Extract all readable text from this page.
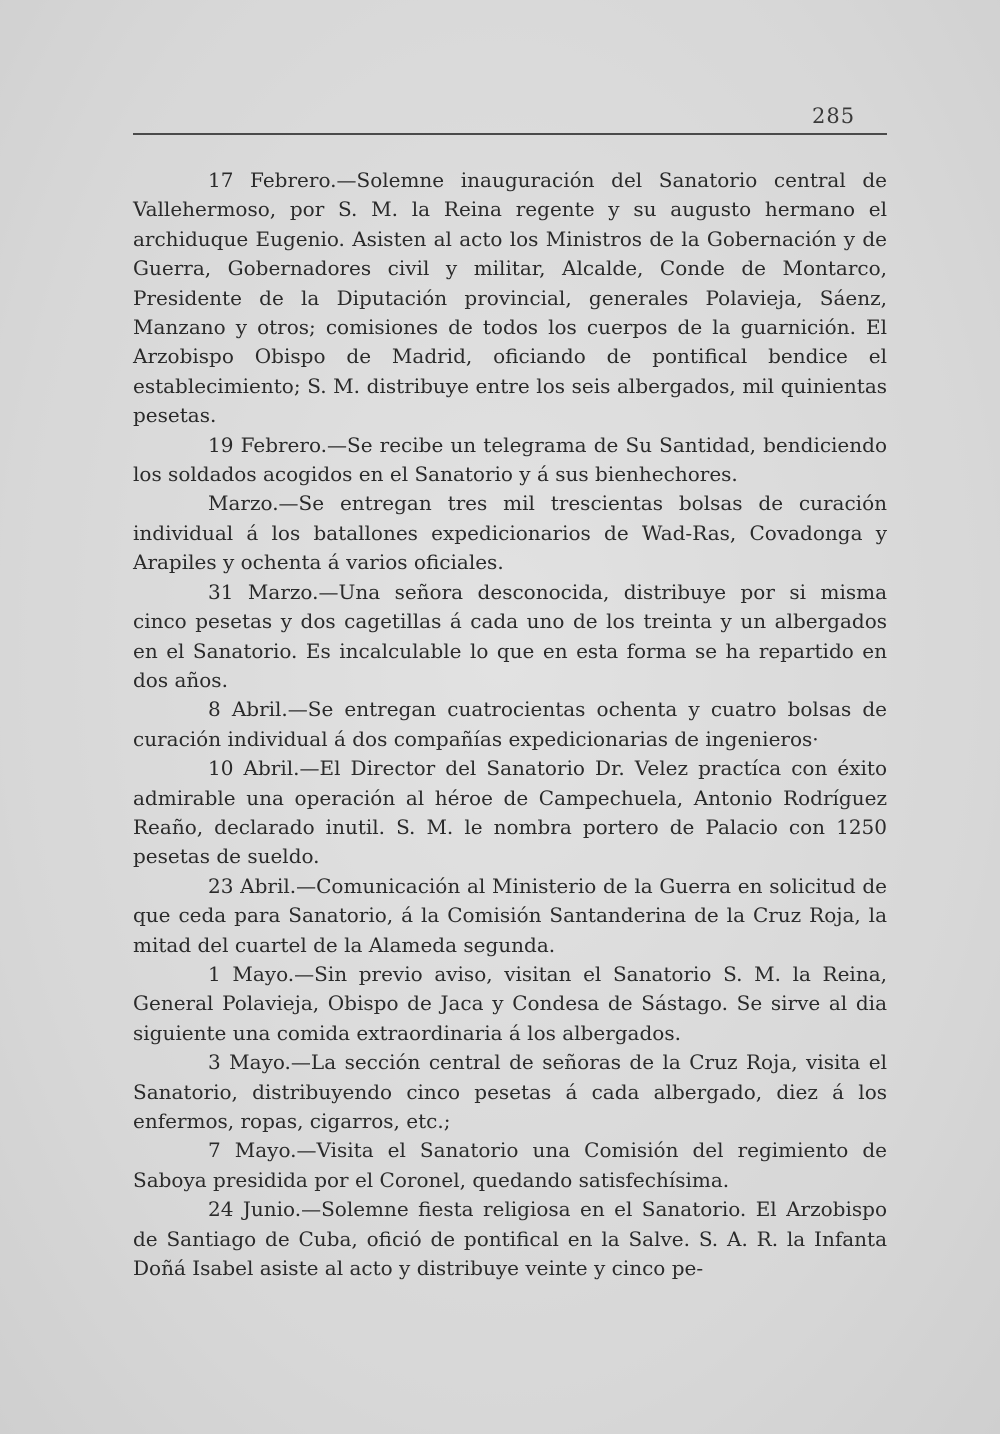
285

17 Febrero.—Solemne inauguración del Sanatorio central de Vallehermoso, por S. M. la Reina regente y su augusto hermano el archiduque Eugenio. Asisten al acto los Ministros de la Gobernación y de Guerra, Gobernadores civil y militar, Alcalde, Conde de Montarco, Presidente de la Diputación provincial, generales Polavieja, Sáenz, Manzano y otros; comisiones de todos los cuerpos de la guarnición. El Arzobispo Obispo de Madrid, oficiando de pontifical bendice el establecimiento; S. M. distribuye entre los seis albergados, mil quinientas pesetas.

19 Febrero.—Se recibe un telegrama de Su Santidad, bendiciendo los soldados acogidos en el Sanatorio y á sus bienhechores.

Marzo.—Se entregan tres mil trescientas bolsas de curación individual á los batallones expedicionarios de Wad-Ras, Covadonga y Arapiles y ochenta á varios oficiales.

31 Marzo.—Una señora desconocida, distribuye por si misma cinco pesetas y dos cagetillas á cada uno de los treinta y un albergados en el Sanatorio. Es incalculable lo que en esta forma se ha repartido en dos años.

8 Abril.—Se entregan cuatrocientas ochenta y cuatro bolsas de curación individual á dos compañías expedicionarias de ingenieros·

10 Abril.—El Director del Sanatorio Dr. Velez practíca con éxito admirable una operación al héroe de Campechuela, Antonio Rodríguez Reaño, declarado inutil. S. M. le nombra portero de Palacio con 1250 pesetas de sueldo.

23 Abril.—Comunicación al Ministerio de la Guerra en solicitud de que ceda para Sanatorio, á la Comisión Santanderina de la Cruz Roja, la mitad del cuartel de la Alameda segunda.

1 Mayo.—Sin previo aviso, visitan el Sanatorio S. M. la Reina, General Polavieja, Obispo de Jaca y Condesa de Sástago. Se sirve al dia siguiente una comida extraordinaria á los albergados.

3 Mayo.—La sección central de señoras de la Cruz Roja, visita el Sanatorio, distribuyendo cinco pesetas á cada albergado, diez á los enfermos, ropas, cigarros, etc.;

7 Mayo.—Visita el Sanatorio una Comisión del regimiento de Saboya presidida por el Coronel, quedando satisfechísima.

24 Junio.—Solemne fiesta religiosa en el Sanatorio. El Arzobispo de Santiago de Cuba, ofició de pontifical en la Salve. S. A. R. la Infanta Doñá Isabel asiste al acto y distribuye veinte y cinco pe-
